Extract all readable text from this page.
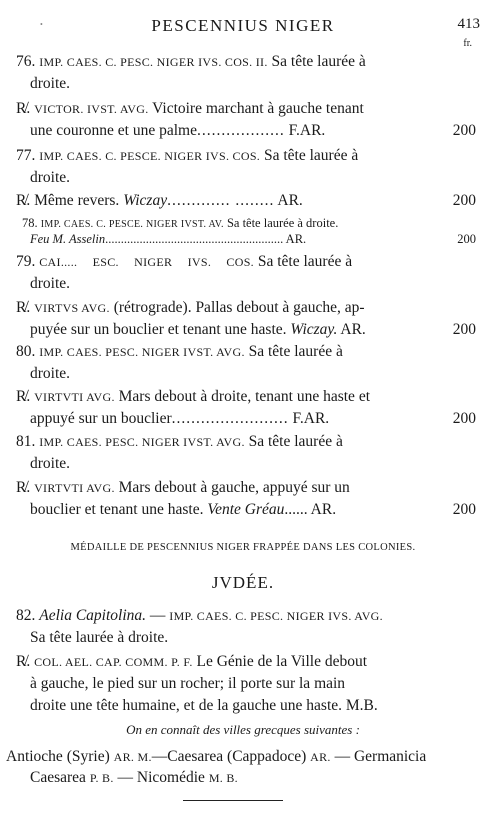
•	PESCENNIUS NIGER	413
fr.
76. IMP. CAES. C. PESC. NIGER IVS. COS. II. Sa tête laurée à
droite.
R̸. VICTOR. IVST. AVG. Victoire marchant à gauche tenant
une couronne et une palme.................. F.AR.	200
77. IMP. CAES. C. PESCE. NIGER IVS. COS. Sa tête laurée à
droite.
R̸. Même revers. Wiczay............. ........ AR.	200
78. IMP. CAES. C. PESCE. NIGER IVST. AV. Sa tête laurée à droite.
Feu M. Asselin......................................................... AR.	200
79. CAI..... ESC. NIGER IVS. COS. Sa tête laurée à
droite.
R̸. VIRTVS AVG. (rétrograde). Pallas debout à gauche, ap-
puyée sur un bouclier et tenant une haste. Wiczay. AR.	200
80. IMP. CAES. PESC. NIGER IVST. AVG. Sa tête laurée à
droite.
R̸. VIRTVTI AVG. Mars debout à droite, tenant une haste et
appuyé sur un bouclier........................ F.AR.	200
81. IMP. CAES. PESC. NIGER IVST. AVG. Sa tête laurée à
droite.
R̸. VIRTVTI AVG. Mars debout à gauche, appuyé sur un
bouclier et tenant une haste. Vente Gréau...... AR.	200
MÉDAILLE DE PESCENNIUS NIGER FRAPPÉE DANS LES COLONIES.
JVDÉE.
82. Aelia Capitolina. — IMP. CAES. C. PESC. NIGER IVS. AVG.
Sa tête laurée à droite.
R̸. COL. AEL. CAP. COMM. P. F. Le Génie de la Ville debout
à gauche, le pied sur un rocher; il porte sur la main
droite une tête humaine, et de la gauche une haste. M.B.
On en connaît des villes grecques suivantes :
Antioche (Syrie) AR. M.—Caesarea (Cappadoce) AR. — Germanicia
Caesarea P. B. — Nicomédie M. B.
